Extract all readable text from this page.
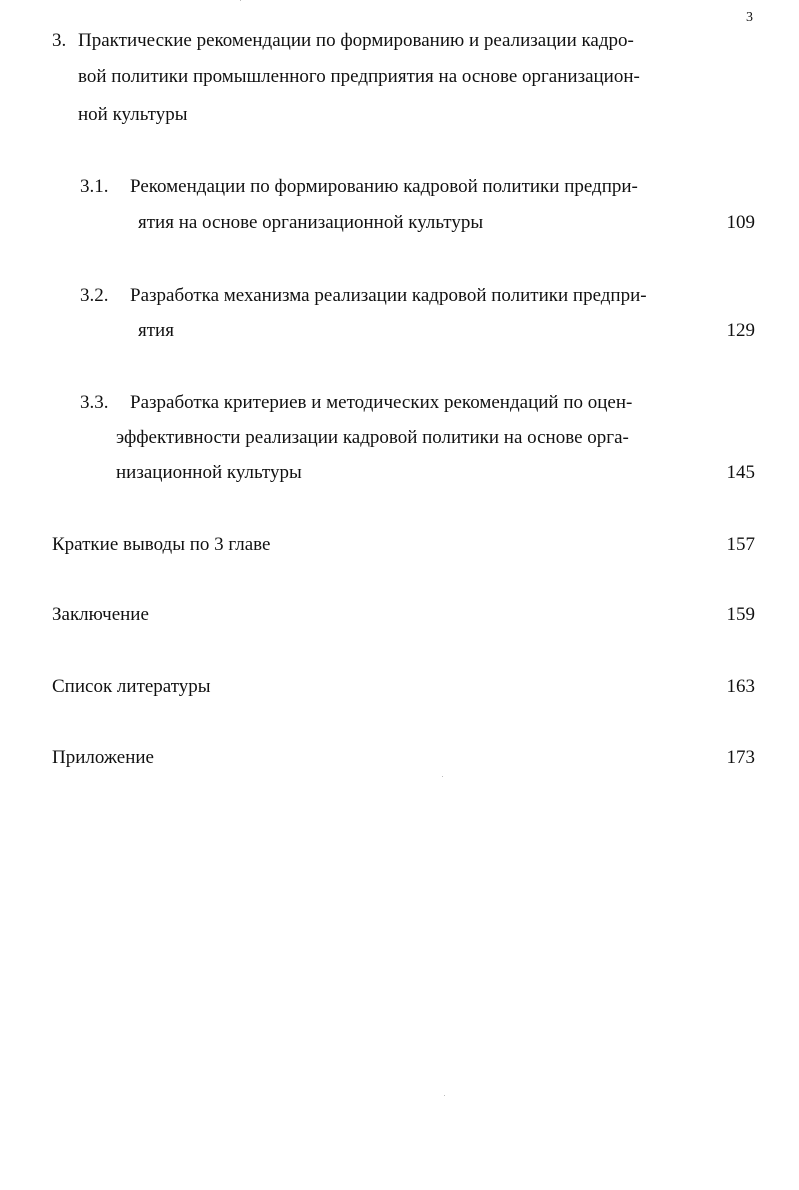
3
3. Практические рекомендации по формированию и реализации кадро-
вой политики промышленного предприятия на основе организацион-
ной культуры
3.1. Рекомендации по формированию кадровой политики предпри-
ятия на основе организационной культуры	109
3.2. Разработка механизма реализации кадровой политики предпри-
ятия	129
3.3. Разработка критериев и методических рекомендаций по оцен-
эффективности реализации кадровой политики на основе орга-
низационной культуры	145
Краткие выводы по 3 главе	157
Заключение	159
Список литературы	163
Приложение	173
